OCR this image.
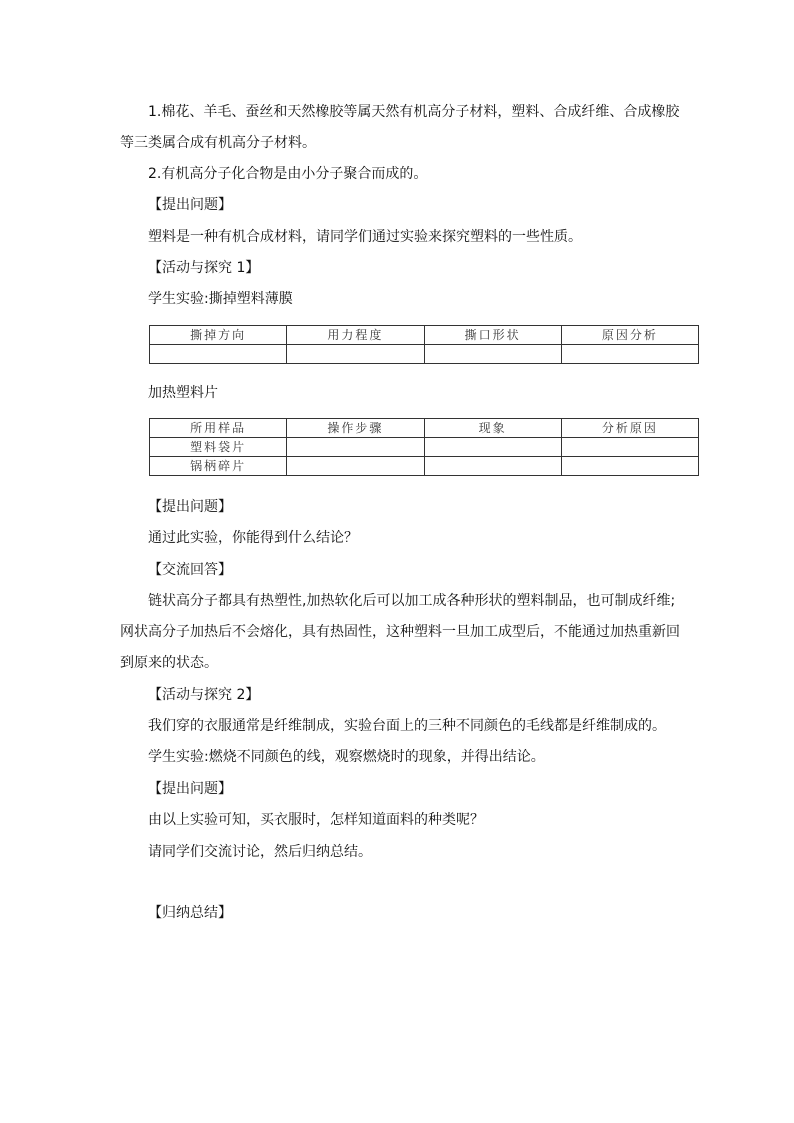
1.棉花、羊毛、蚕丝和天然橡胶等属天然有机高分子材料，塑料、合成纤维、合成橡胶
等三类属合成有机高分子材料。
2.有机高分子化合物是由小分子聚合而成的。
【提出问题】
塑料是一种有机合成材料，请同学们通过实验来探究塑料的一些性质。
【活动与探究 1】
学生实验:撕掉塑料薄膜
撕掉方向	用力程度	撕口形状	原因分析

加热塑料片
所用样品	操作步骤	现象	分析原因
塑料袋片			
锅柄碎片			
【提出问题】
通过此实验，你能得到什么结论？
【交流回答】
链状高分子都具有热塑性,加热软化后可以加工成各种形状的塑料制品，也可制成纤维;
网状高分子加热后不会熔化，具有热固性，这种塑料一旦加工成型后，不能通过加热重新回
到原来的状态。
【活动与探究 2】
我们穿的衣服通常是纤维制成，实验台面上的三种不同颜色的毛线都是纤维制成的。
学生实验:燃烧不同颜色的线，观察燃烧时的现象，并得出结论。
【提出问题】
由以上实验可知，买衣服时，怎样知道面料的种类呢？
请同学们交流讨论，然后归纳总结。
【归纳总结】
